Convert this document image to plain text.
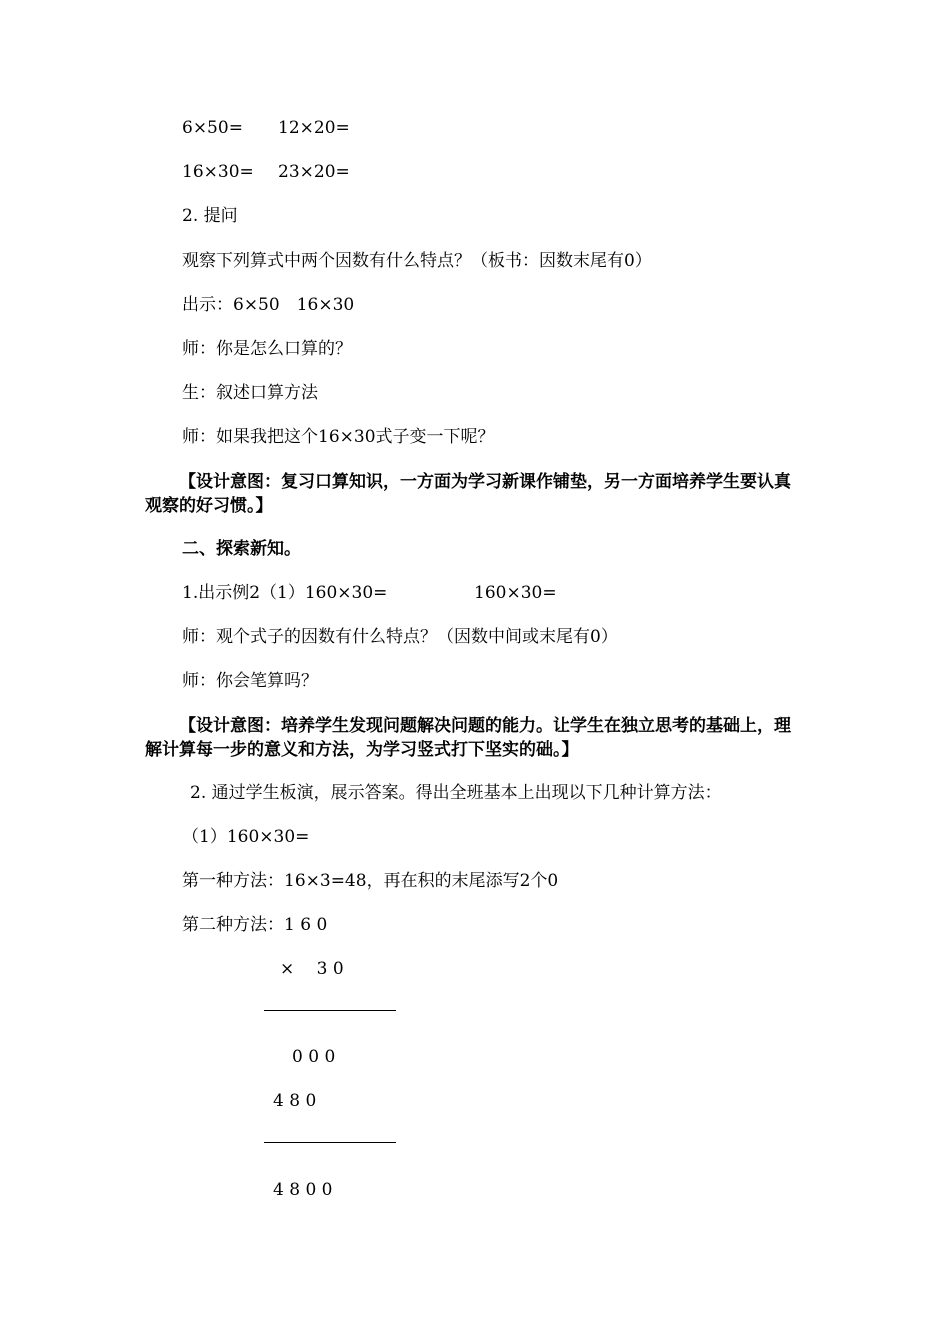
6×50= 12×20=
16×30= 23×20=
2. 提问
观察下列算式中两个因数有什么特点？（板书：因数末尾有0）
出示：6×50　16×30
师：你是怎么口算的？
生：叙述口算方法
师：如果我把这个16×30式子变一下呢？
【设计意图：复习口算知识，一方面为学习新课作铺垫，另一方面培养学生要认真观察的好习惯。】
二、探索新知。
1.出示例2（1）160×30=	160×30=
师：观个式子的因数有什么特点？（因数中间或末尾有0）
师：你会笔算吗？
【设计意图：培养学生发现问题解决问题的能力。让学生在独立思考的基础上，理解计算每一步的意义和方法，为学习竖式打下坚实的础。】
2. 通过学生板演，展示答案。得出全班基本上出现以下几种计算方法：
（1）160×30=
第一种方法：16×3=48，再在积的末尾添写2个0
第二种方法：1 6 0
×　 3 0
0 0 0
4 8 0
4 8 0 0
